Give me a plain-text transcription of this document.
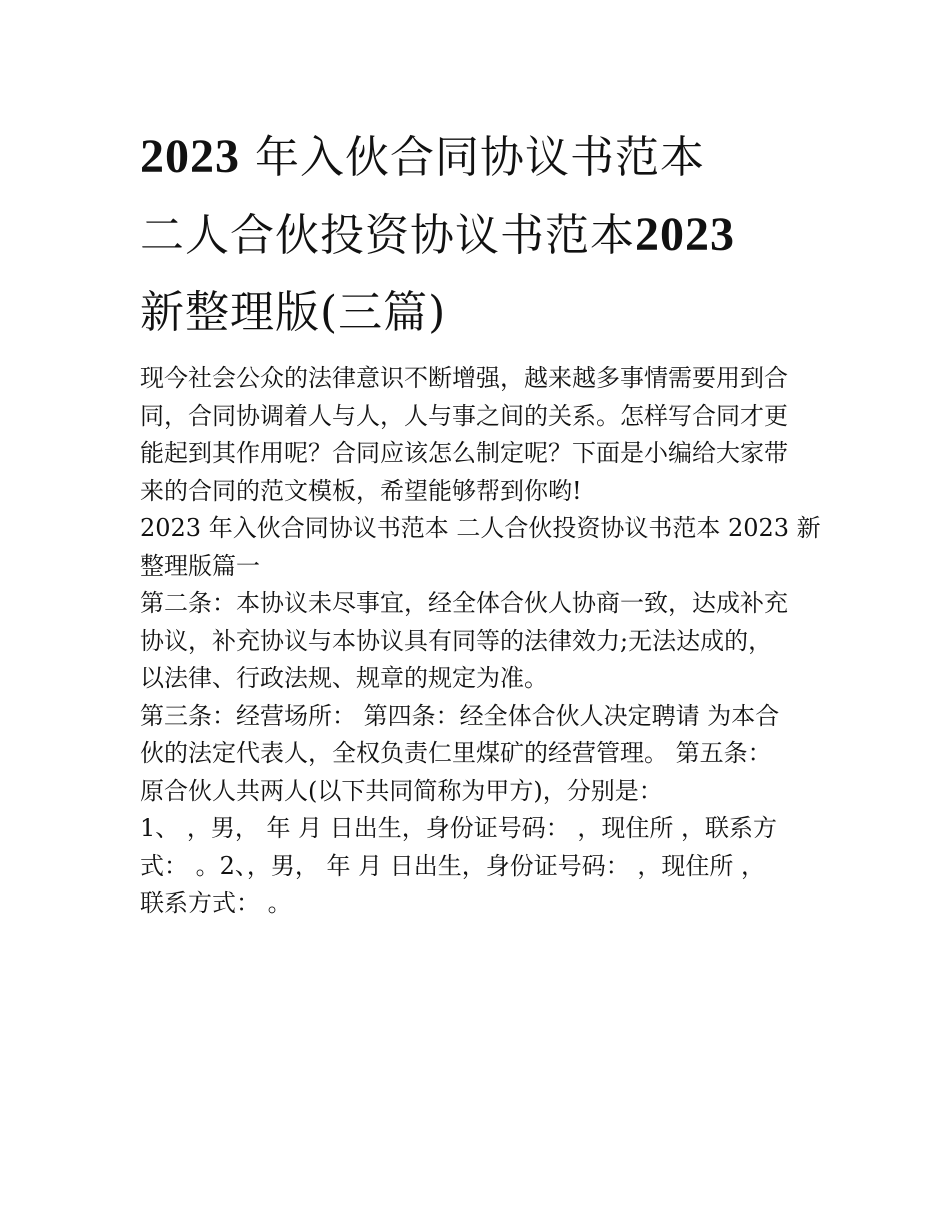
2023 年入伙合同协议书范本
二人合伙投资协议书范本2023
新整理版(三篇)
现今社会公众的法律意识不断增强，越来越多事情需要用到合
同，合同协调着人与人，人与事之间的关系。怎样写合同才更
能起到其作用呢？合同应该怎么制定呢？下面是小编给大家带
来的合同的范文模板，希望能够帮到你哟!
2023 年入伙合同协议书范本 二人合伙投资协议书范本 2023 新
整理版篇一
第二条：本协议未尽事宜，经全体合伙人协商一致，达成补充
协议，补充协议与本协议具有同等的法律效力;无法达成的，
以法律、行政法规、规章的规定为准。
第三条：经营场所： 第四条：经全体合伙人决定聘请 为本合
伙的法定代表人，全权负责仁里煤矿的经营管理。 第五条：
原合伙人共两人(以下共同简称为甲方)，分别是：
1、 ，男， 年 月 日出生，身份证号码： ，现住所 ，联系方
式： 。2、，男， 年 月 日出生，身份证号码： ，现住所 ，
联系方式： 。
